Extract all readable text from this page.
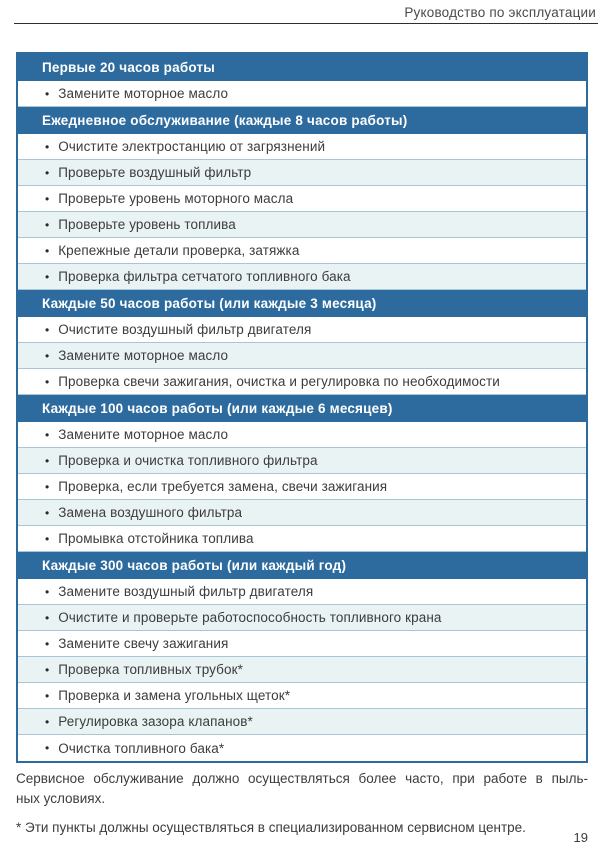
Руководство по эксплуатации
Первые 20 часов работы
• Замените моторное масло
Ежедневное обслуживание (каждые 8 часов работы)
• Очистите электростанцию от загрязнений
• Проверьте воздушный фильтр
• Проверьте уровень моторного масла
• Проверьте уровень топлива
• Крепежные детали проверка, затяжка
• Проверка фильтра сетчатого топливного бака
Каждые 50 часов работы (или каждые 3 месяца)
• Очистите воздушный фильтр двигателя
• Замените моторное масло
• Проверка свечи зажигания, очистка и регулировка по необходимости
Каждые 100 часов работы (или каждые 6 месяцев)
• Замените моторное масло
• Проверка и очистка топливного фильтра
• Проверка, если требуется замена, свечи зажигания
• Замена воздушного фильтра
• Промывка отстойника топлива
Каждые 300 часов работы (или каждый год)
• Замените воздушный фильтр двигателя
• Очистите и проверьте работоспособность топливного крана
• Замените свечу зажигания
• Проверка топливных трубок*
• Проверка и замена угольных щеток*
• Регулировка зазора клапанов*
• Очистка топливного бака*
Сервисное обслуживание должно осуществляться более часто, при работе в пыль-
ных условиях.
* Эти пункты должны осуществляться в специализированном сервисном центре.
19
